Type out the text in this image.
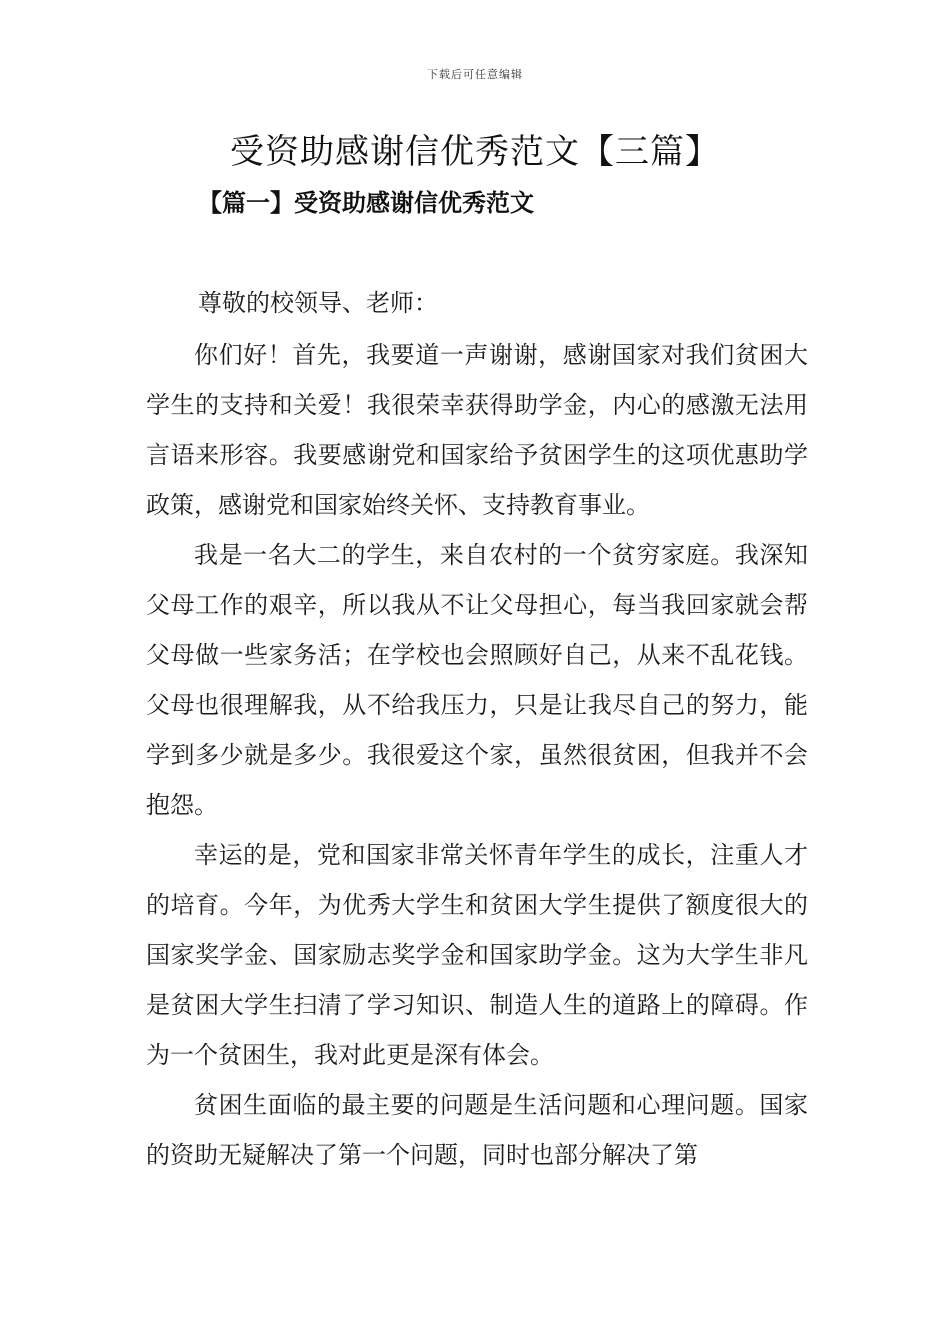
下载后可任意编辑
受资助感谢信优秀范文【三篇】
【篇一】受资助感谢信优秀范文

尊敬的校领导、老师：

你们好！首先，我要道一声谢谢，感谢国家对我们贫困大学生的支持和关爱！我很荣幸获得助学金，内心的感激无法用言语来形容。我要感谢党和国家给予贫困学生的这项优惠助学政策，感谢党和国家始终关怀、支持教育事业。

我是一名大二的学生，来自农村的一个贫穷家庭。我深知父母工作的艰辛，所以我从不让父母担心，每当我回家就会帮父母做一些家务活；在学校也会照顾好自己，从来不乱花钱。父母也很理解我，从不给我压力，只是让我尽自己的努力，能学到多少就是多少。我很爱这个家，虽然很贫困，但我并不会抱怨。

幸运的是，党和国家非常关怀青年学生的成长，注重人才的培育。今年，为优秀大学生和贫困大学生提供了额度很大的国家奖学金、国家励志奖学金和国家助学金。这为大学生非凡是贫困大学生扫清了学习知识、制造人生的道路上的障碍。作为一个贫困生，我对此更是深有体会。

贫困生面临的最主要的问题是生活问题和心理问题。国家的资助无疑解决了第一个问题，同时也部分解决了第
